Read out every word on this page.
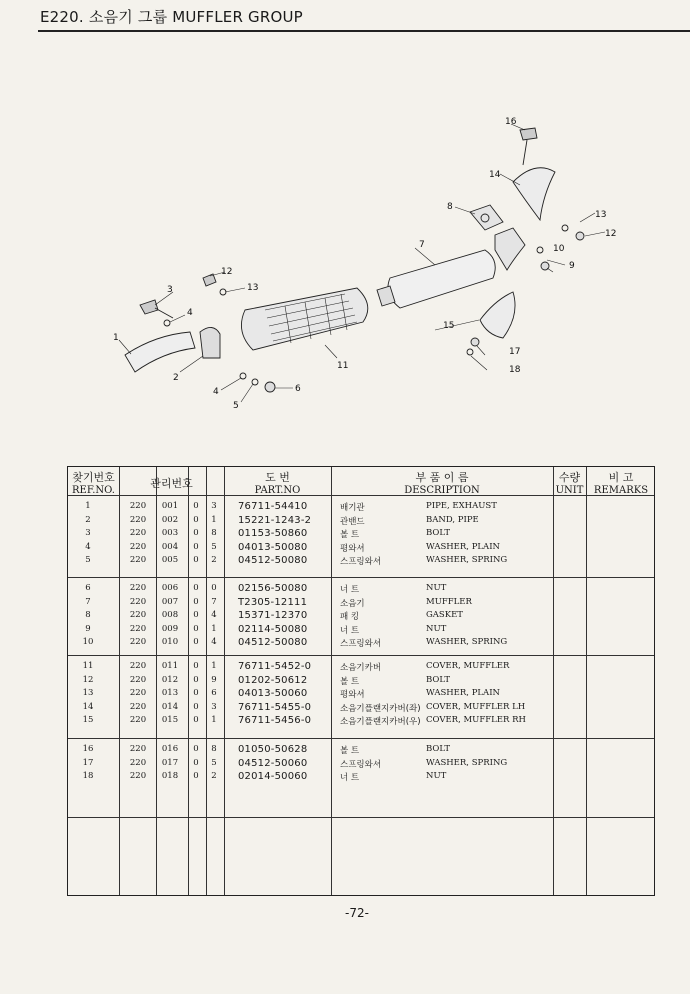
E220. 소음기 그룹 MUFFLER GROUP
1
2
3
4
4
5
6
7
8
9
10
11
12
12
13
13
14
15
16
17
18
찾기번호
REF.NO.
관리번호	도 번
PART.NO
부 품 이 름
DESCRIPTION
수량
UNIT
비 고
REMARKS
1	220	001	0 3 76711-54410	배기관	PIPE, EXHAUST
2	220	002	0 1 15221-1243-2	관밴드	BAND, PIPE
3	220	003	0 8 01153-50860	볼 트	BOLT
4	220	004	0 5 04013-50080	평와셔	WASHER, PLAIN
5	220	005	0 2 04512-50080	스프링와셔	WASHER, SPRING
6	220	006	0 0 02156-50080	너 트	NUT
7	220	007	0 7 T2305-12111	소음기	MUFFLER
8	220	008	0 4 15371-12370	패 킹	GASKET
9	220	009	0 1 02114-50080	너 트	NUT
10	220	010	0 4 04512-50080	스프링와셔	WASHER, SPRING
11	220	011	0 1 76711-5452-0	소음기카버	COVER, MUFFLER
12	220	012	0 9 01202-50612	볼 트	BOLT
13	220	013	0 6 04013-50060	평와셔	WASHER, PLAIN
14	220	014	0 3 76711-5455-0	소음기플랜지카버(좌) COVER, MUFFLER LH
15	220	015	0 1 76711-5456-0	소음기플랜지카버(우) COVER, MUFFLER RH
16	220	016	0 8 01050-50628	볼 트	BOLT
17	220	017	0 5 04512-50060	스프링와셔	WASHER, SPRING
18	220	018	0 2 02014-50060	너 트	NUT
-72-
